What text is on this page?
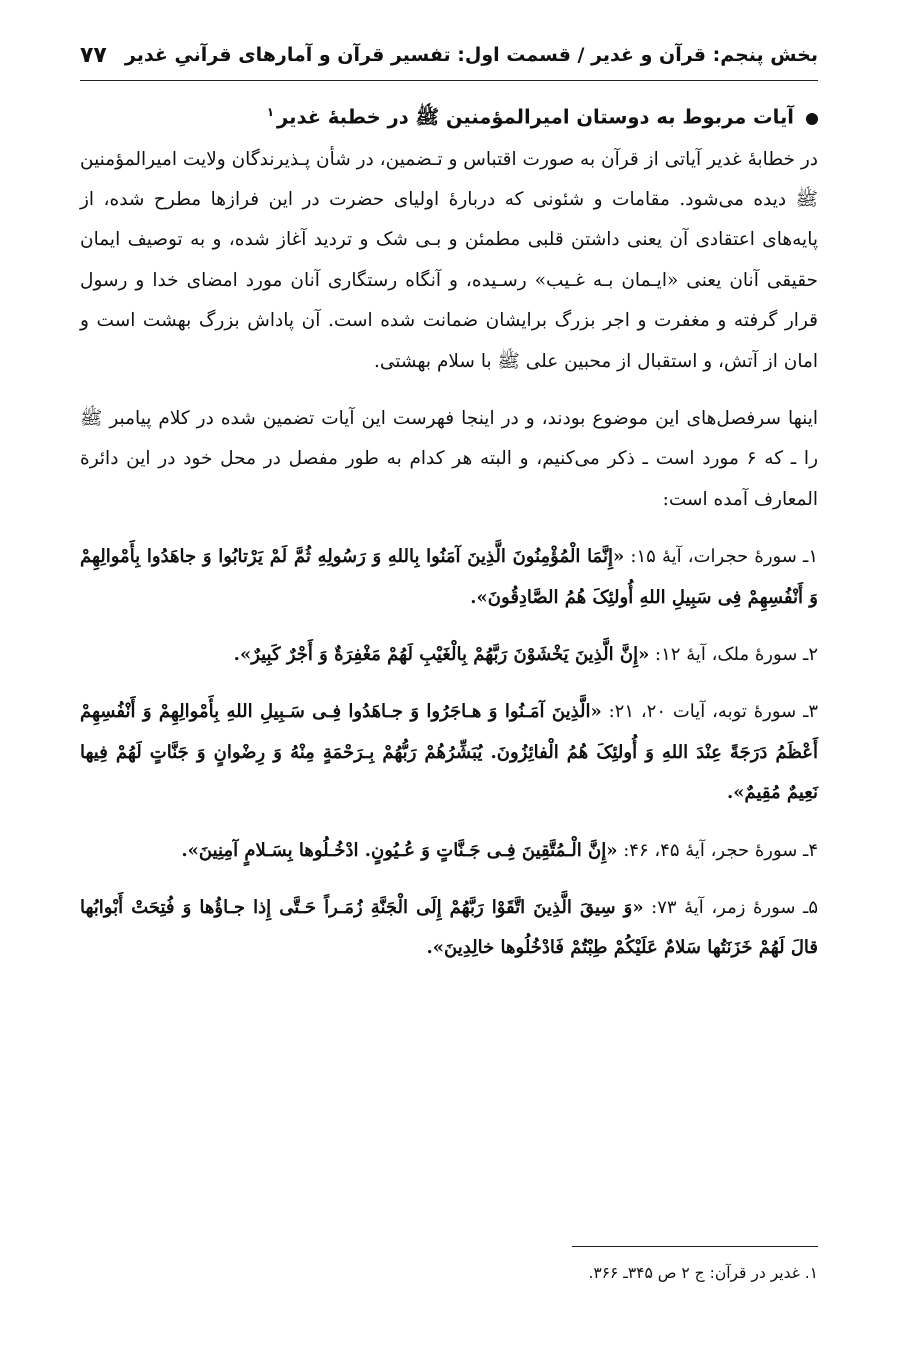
بخش پنجم: قرآن و غدیر / قسمت اول: تفسیر قرآن و آمارهای قرآنیِ غدیر
۷۷
آیات مربوط به دوستان امیرالمؤمنین ﷺ در خطبهٔ غدیر$^۱$

در خطابهٔ غدیر آیاتی از قرآن به صورت اقتباس و تـضمین، در شأن پـذیرندگان ولایت امیرالمؤمنین ﷺ دیده می‌شود. مقامات و شئونی که دربارهٔ اولیای حضرت در این فرازها مطرح شده، از پایه‌های اعتقادی آن یعنی داشتن قلبی مطمئن و بـی شک و تردید آغاز شده، و به توصیف ایمان حقیقی آنان یعنی «ایـمان بـه غـیب» رسـیده، و آنگاه رستگاری آنان مورد امضای خدا و رسول قرار گرفته و مغفرت و اجر بزرگ برایشان ضمانت شده است. آن پاداش بزرگ بهشت است و امان از آتش، و استقبال از محبین علی ﷺ با سلام بهشتی.

اینها سرفصل‌های این موضوع بودند، و در اینجا فهرست این آیات تضمین شده در کلام پیامبر ﷺ را ـ که ۶ مورد است ـ ذکر می‌کنیم، و البته هر کدام به طور مفصل در محل خود در این دائرة المعارف آمده است:

۱ـ سورهٔ حجرات، آیهٔ ۱۵: «إِنَّمَا الْمُؤْمِنُونَ الَّذِینَ آمَنُوا بِاللهِ وَ رَسُولِهِ ثُمَّ لَمْ یَرْتابُوا وَ جاهَدُوا بِأَمْوالِهِمْ وَ أَنْفُسِهِمْ فِی سَبِیلِ اللهِ أُولئِکَ هُمُ الصَّادِقُونَ».

۲ـ سورهٔ ملک، آیهٔ ۱۲: «إِنَّ الَّذِینَ یَخْشَوْنَ رَبَّهُمْ بِالْغَیْبِ لَهُمْ مَغْفِرَةٌ وَ أَجْرٌ کَبِیرٌ».

۳ـ سورهٔ توبه، آیات ۲۰، ۲۱: «الَّذِینَ آمَـنُوا وَ هـاجَرُوا وَ جـاهَدُوا فِـی سَـبِیلِ اللهِ بِأَمْوالِهِمْ وَ أَنْفُسِهِمْ أَعْظَمُ دَرَجَةً عِنْدَ اللهِ وَ أُولئِکَ هُمُ الْفائِزُونَ. یُبَشِّرُهُمْ رَبُّهُمْ بِـرَحْمَةٍ مِنْهُ وَ رِضْوانٍ وَ جَنَّاتٍ لَهُمْ فِیها نَعِیمٌ مُقِیمٌ».

۴ـ سورهٔ حجر، آیهٔ ۴۵، ۴۶: «إِنَّ الْـمُتَّقِینَ فِـی جَـنَّاتٍ وَ عُـیُونٍ. ادْخُـلُوها بِسَـلامٍ آمِنِینَ».

۵ـ سورهٔ زمر، آیهٔ ۷۳: «وَ سِیقَ الَّذِینَ اتَّقَوْا رَبَّهُمْ إِلَی الْجَنَّةِ زُمَـراً حَـتَّی إِذا جـاؤُها وَ فُتِحَتْ أَبْوابُها قالَ لَهُمْ خَزَنَتُها سَلامٌ عَلَیْکُمْ طِبْتُمْ فَادْخُلُوها خالِدِینَ».

۱. غدیر در قرآن: ج ۲ ص ۳۴۵ـ ۳۶۶.
